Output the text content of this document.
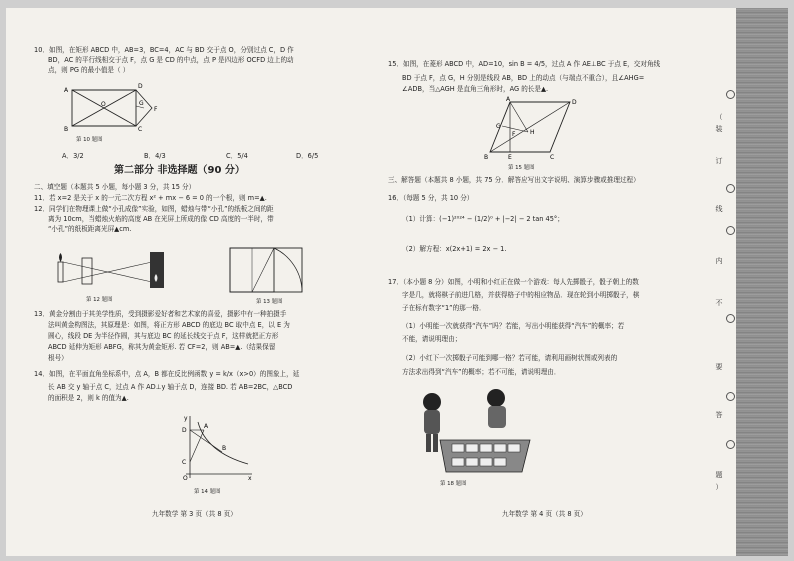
10．如图，在矩形 ABCD 中，AB=3，BC=4，AC 与 BD 交于点 O，分别过点 C，D 作
BD，AC 的平行线相交于点 F，点 G 是 CD 的中点，点 P 是四边形 OCFD 边上的动
点，则 PG 的最小值是（ ）
A
B	C
D
O
F
G
第 10 题图
A．3/2	B．4/3	C．5/4	D．6/5
第二部分 非选择题（90 分）
二、填空题（本题共 5 小题，每小题 3 分，共 15 分）
11．若 x=2 是关于 x 的一元二次方程 x² + mx − 6 = 0 的一个根，则 m=▲.
12．同学们在物理课上做“小孔成像”实验，如图，蜡烛与带“小孔”的纸板之间的距
离为 10cm，当蜡烛火焰的高度 AB 在光屏上所成的像 CD 高度的一半时，带
“小孔”的纸板距离光屏▲cm.
第 12 题图	第 13 题图
13．黄金分割由于其美学性质，受到摄影爱好者和艺术家的喜爱，摄影中有一种拍摄手
法叫黄金构图法，其原理是：如图，将正方形 ABCD 的底边 BC 取中点 E，以 E 为
圆心，线段 DE 为半径作圆，其与底边 BC 的延长线交于点 F，这样就把正方形
ABCD 延伸为矩形 ABFG，称其为黄金矩形. 若 CF=2，则 AB=▲.（结果保留
根号）
14．如图，在平面直角坐标系中，点 A，B 都在反比例函数 y = k/x（x>0）的图象上，延
长 AB 交 y 轴于点 C，过点 A 作 AD⊥y 轴于点 D，连接 BD. 若 AB=2BC，△BCD
的面积是 2，则 k 的值为▲.
y
x
D
A
B
C
O
第 14 题图
九年数学 第 3 页（共 8 页）
15．如图，在菱形 ABCD 中，AD=10，sin B = 4/5，过点 A 作 AE⊥BC 于点 E，交对角线
BD 于点 F，点 G，H 分别是线段 AB，BD 上的动点（与端点不重合），且∠AHG=
∠ADB，当△AGH 是直角三角形时，AG 的长是▲.
A	D
G
F H
B	E	C
第 15 题图
三、解答题（本题共 8 小题，共 75 分．解答应写出文字说明、演算步骤或推理过程）
16．（每题 5 分，共 10 分）
（1）计算：(−1)²⁰²⁴ − (1/2)⁰ + |−2| − 2 tan 45°；
（2）解方程：x(2x+1) = 2x − 1.
17．（本小题 8 分）如图，小明和小红正在做一个游戏：每人先掷骰子，骰子朝上的数
字是几，就将棋子前进几格，并获得格子中的相应物品．现在轮到小明掷骰子，棋
子在标有数字“1”的那一格．
（1）小明能一次就获得“汽车”吗？若能，写出小明能获得“汽车”的概率；若
不能，请说明理由；
（2）小红下一次掷骰子可能到哪一格？若可能，请利用画树状图或列表的
方法求出得到“汽车”的概率；若不可能，请说明理由．
第 18 题图
九年数学 第 4 页（共 8 页）
（
装
订
线
内
不
要
答
题
）
